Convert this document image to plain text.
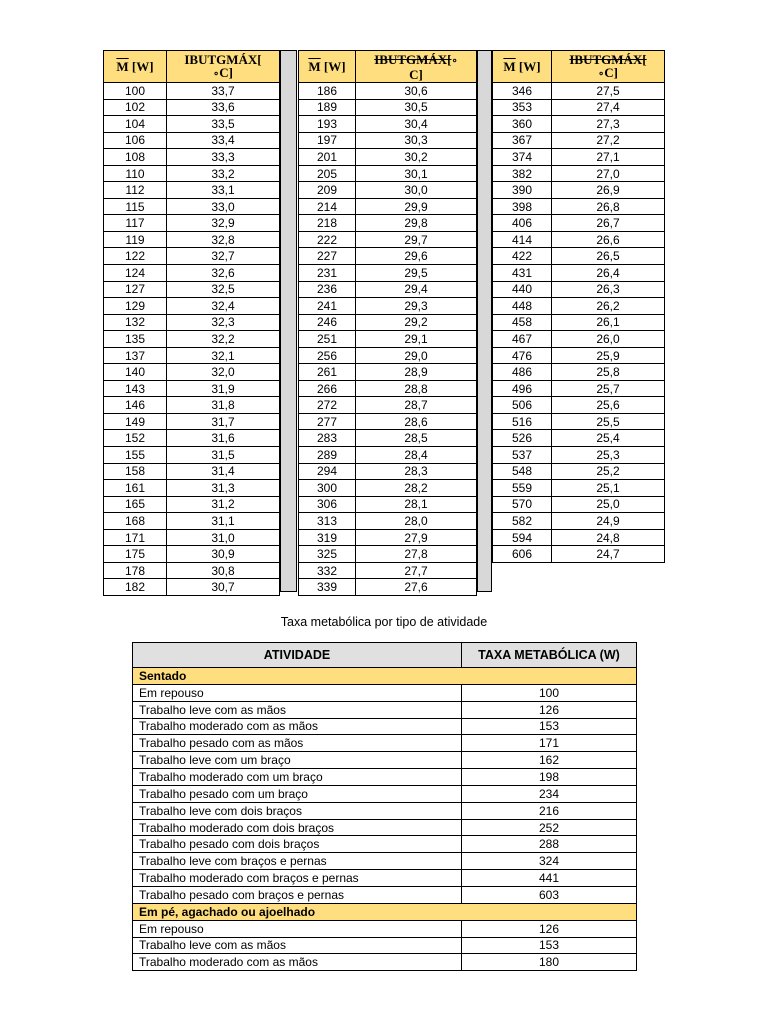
$\overline{M}$ [W]	IBUTGMÁX[
∘C]
100	33,7
102	33,6
104	33,5
106	33,4
108	33,3
110	33,2
112	33,1
115	33,0
117	32,9
119	32,8
122	32,7
124	32,6
127	32,5
129	32,4
132	32,3
135	32,2
137	32,1
140	32,0
143	31,9
146	31,8
149	31,7
152	31,6
155	31,5
158	31,4
161	31,3
165	31,2
168	31,1
171	31,0
175	30,9
178	30,8
182	30,7
$\overline{M}$ [W]	IBUTGMÁX[∘
C]
186	30,6
189	30,5
193	30,4
197	30,3
201	30,2
205	30,1
209	30,0
214	29,9
218	29,8
222	29,7
227	29,6
231	29,5
236	29,4
241	29,3
246	29,2
251	29,1
256	29,0
261	28,9
266	28,8
272	28,7
277	28,6
283	28,5
289	28,4
294	28,3
300	28,2
306	28,1
313	28,0
319	27,9
325	27,8
332	27,7
339	27,6
$\overline{M}$ [W]	IBUTGMÁX[
∘C]
346	27,5
353	27,4
360	27,3
367	27,2
374	27,1
382	27,0
390	26,9
398	26,8
406	26,7
414	26,6
422	26,5
431	26,4
440	26,3
448	26,2
458	26,1
467	26,0
476	25,9
486	25,8
496	25,7
506	25,6
516	25,5
526	25,4
537	25,3
548	25,2
559	25,1
570	25,0
582	24,9
594	24,8
606	24,7
Taxa metabólica por tipo de atividade
ATIVIDADE	TAXA METABÓLICA (W)
Sentado	
Em repouso	100
Trabalho leve com as mãos	126
Trabalho moderado com as mãos	153
Trabalho pesado com as mãos	171
Trabalho leve com um braço	162
Trabalho moderado com um braço	198
Trabalho pesado com um braço	234
Trabalho leve com dois braços	216
Trabalho moderado com dois braços	252
Trabalho pesado com dois braços	288
Trabalho leve com braços e pernas	324
Trabalho moderado com braços e pernas	441
Trabalho pesado com braços e pernas	603
Em pé, agachado ou ajoelhado	
Em repouso	126
Trabalho leve com as mãos	153
Trabalho moderado com as mãos	180
